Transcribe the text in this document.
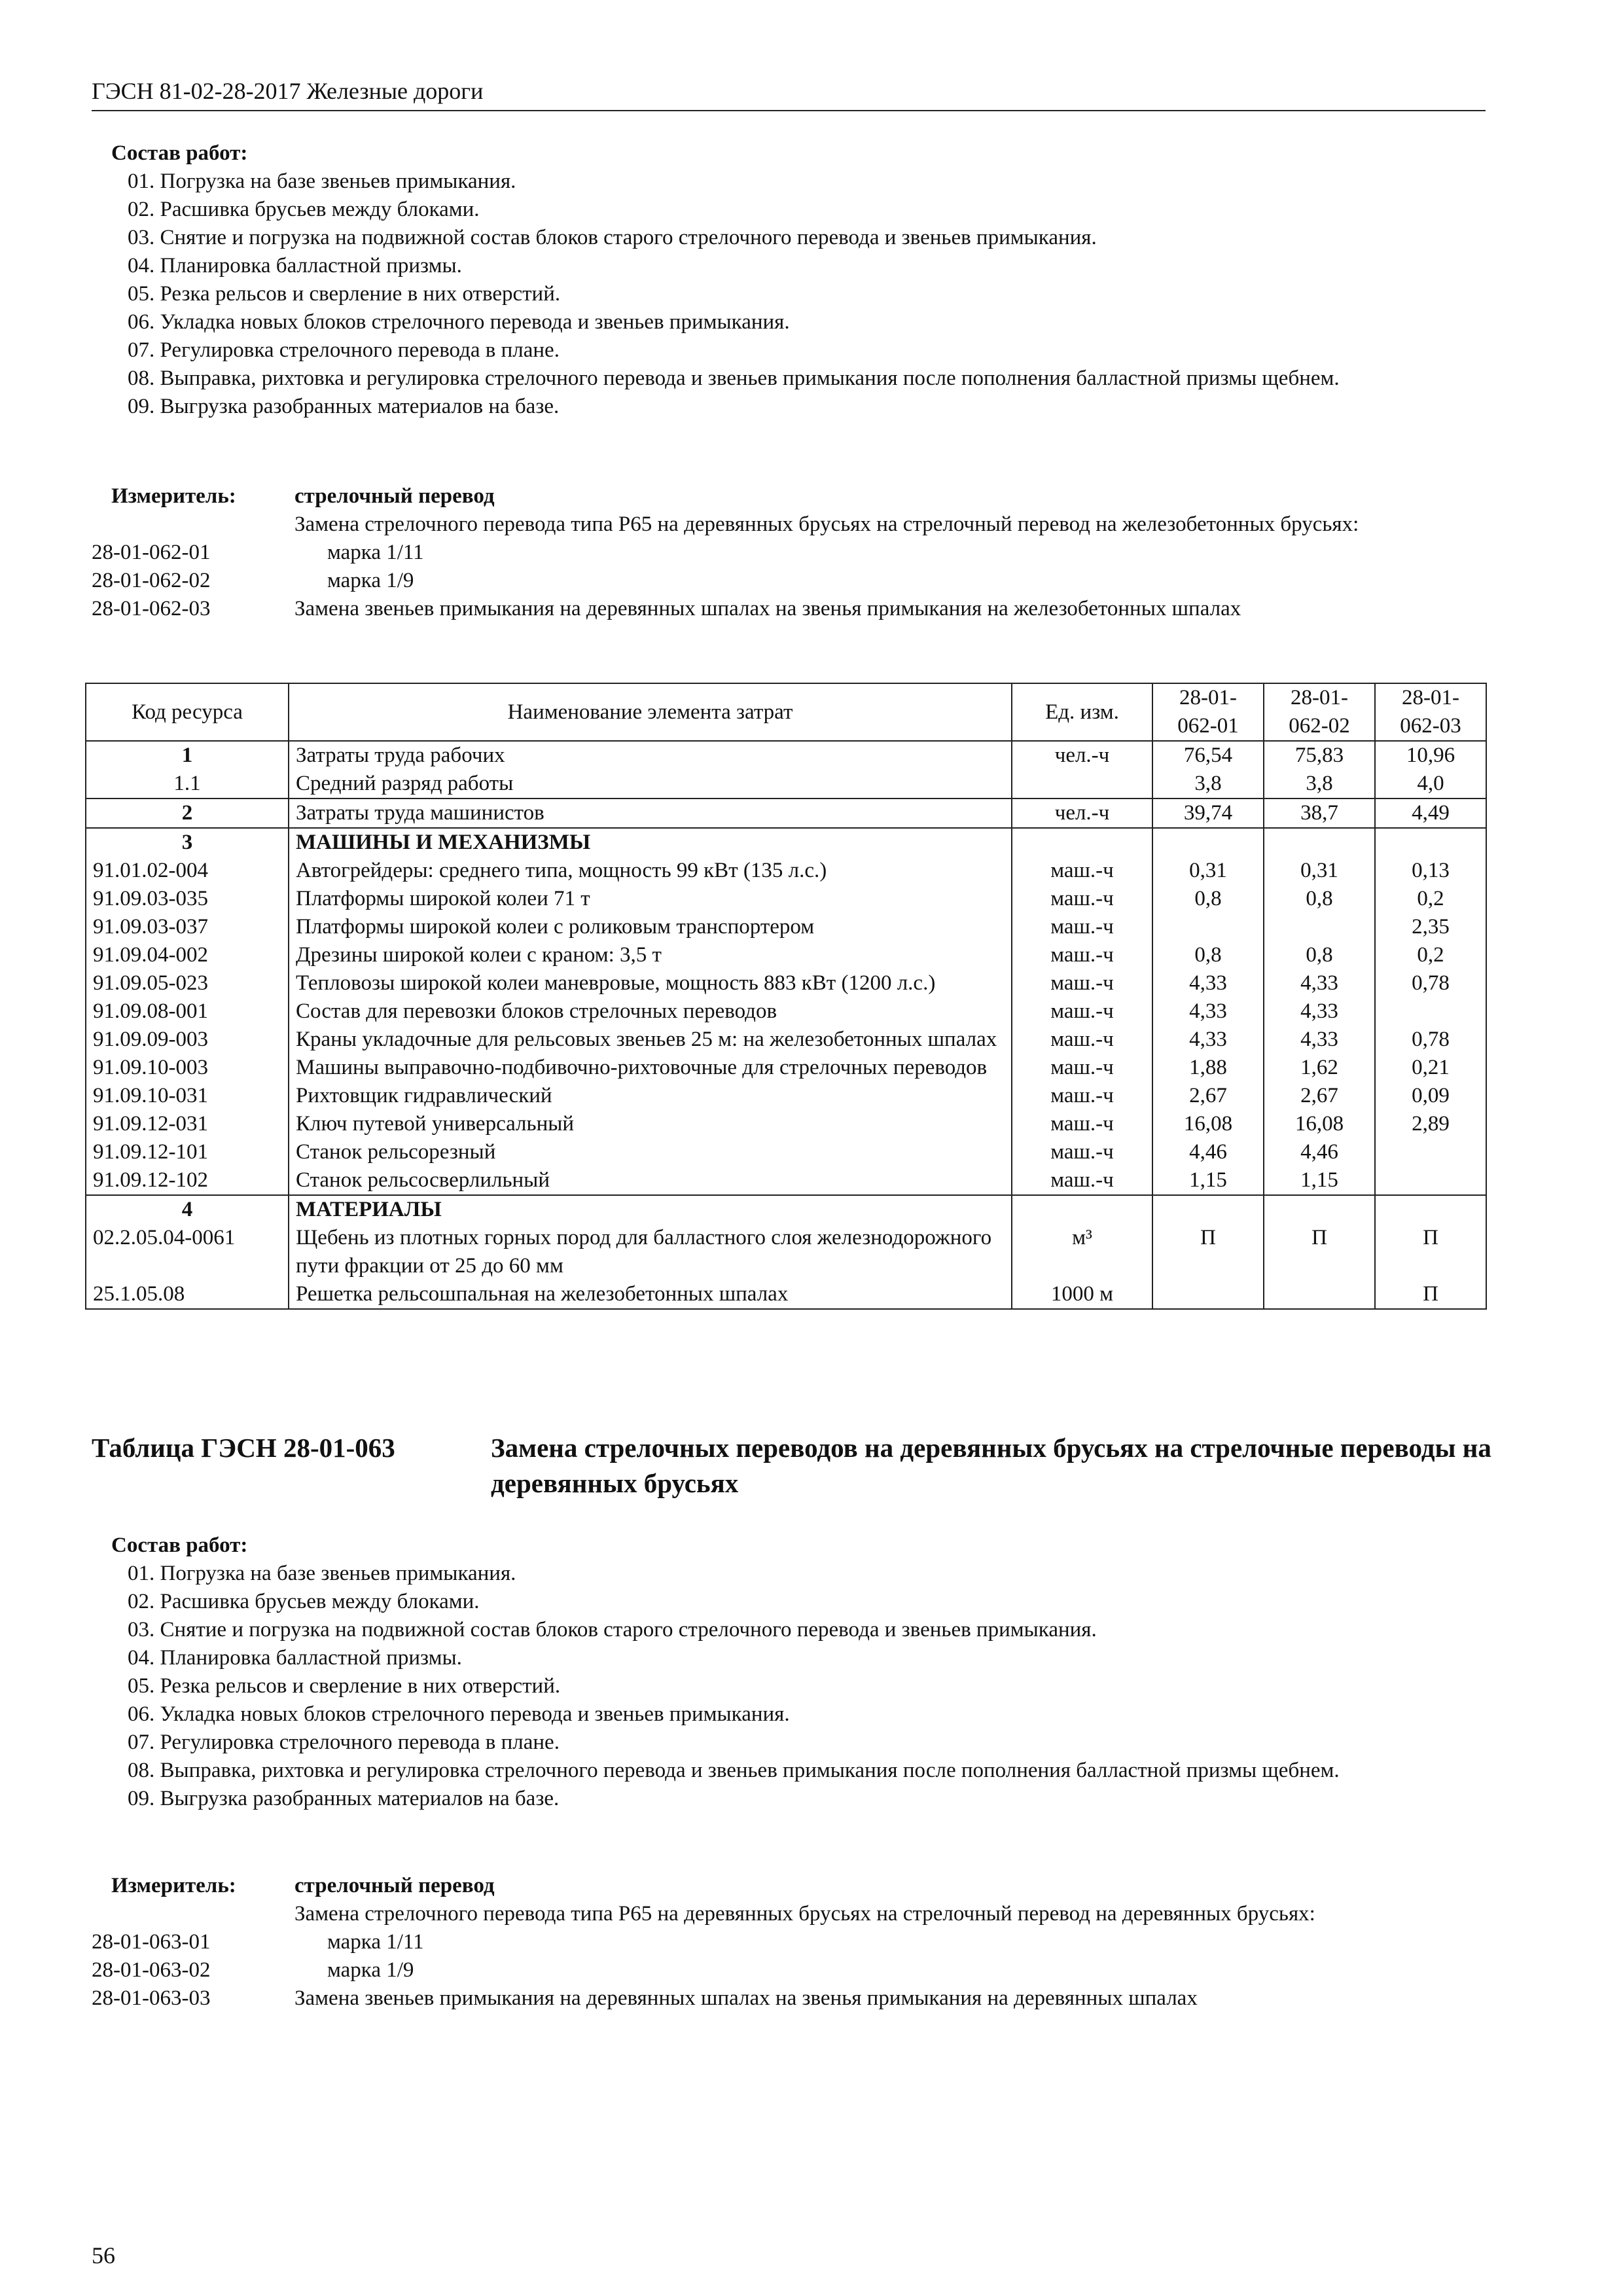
ГЭСН 81-02-28-2017 Железные дороги
Состав работ:
01. Погрузка на базе звеньев примыкания.
02. Расшивка брусьев между блоками.
03. Снятие и погрузка на подвижной состав блоков старого стрелочного перевода и звеньев примыкания.
04. Планировка балластной призмы.
05. Резка рельсов и сверление в них отверстий.
06. Укладка новых блоков стрелочного перевода и звеньев примыкания.
07. Регулировка стрелочного перевода в плане.
08. Выправка, рихтовка и регулировка стрелочного перевода и звеньев примыкания после пополнения балластной призмы щебнем.
09. Выгрузка разобранных материалов на базе.
Измеритель:	стрелочный перевод
Замена стрелочного перевода типа Р65 на деревянных брусьях на стрелочный перевод на железобетонных брусьях:
28-01-062-01	марка 1/11
28-01-062-02	марка 1/9
28-01-062-03	Замена звеньев примыкания на деревянных шпалах на звенья примыкания на железобетонных шпалах
Код ресурса	Наименование элемента затрат	Ед. изм.	28-01-062-01	28-01-062-02	28-01-062-03
1	Затраты труда рабочих	чел.-ч	76,54	75,83	10,96
1.1	Средний разряд работы		3,8	3,8	4,0
2	Затраты труда машинистов	чел.-ч	39,74	38,7	4,49
3	МАШИНЫ И МЕХАНИЗМЫ				
91.01.02-004	Автогрейдеры: среднего типа, мощность 99 кВт (135 л.с.)	маш.-ч	0,31	0,31	0,13
91.09.03-035	Платформы широкой колеи 71 т	маш.-ч	0,8	0,8	0,2
91.09.03-037	Платформы широкой колеи с роликовым транспортером	маш.-ч			2,35
91.09.04-002	Дрезины широкой колеи с краном: 3,5 т	маш.-ч	0,8	0,8	0,2
91.09.05-023	Тепловозы широкой колеи маневровые, мощность 883 кВт (1200 л.с.)	маш.-ч	4,33	4,33	0,78
91.09.08-001	Состав для перевозки блоков стрелочных переводов	маш.-ч	4,33	4,33	
91.09.09-003	Краны укладочные для рельсовых звеньев 25 м: на железобетонных шпалах	маш.-ч	4,33	4,33	0,78
91.09.10-003	Машины выправочно-подбивочно-рихтовочные для стрелочных переводов	маш.-ч	1,88	1,62	0,21
91.09.10-031	Рихтовщик гидравлический	маш.-ч	2,67	2,67	0,09
91.09.12-031	Ключ путевой универсальный	маш.-ч	16,08	16,08	2,89
91.09.12-101	Станок рельсорезный	маш.-ч	4,46	4,46	
91.09.12-102	Станок рельсосверлильный	маш.-ч	1,15	1,15	
4	МАТЕРИАЛЫ				
02.2.05.04-0061	Щебень из плотных горных пород для балластного слоя железнодорожного пути фракции от 25 до 60 мм	м³	П	П	П
25.1.05.08	Решетка рельсошпальная на железобетонных шпалах	1000 м			П
Таблица ГЭСН 28-01-063	Замена стрелочных переводов на деревянных брусьях на стрелочные переводы на деревянных брусьях
Состав работ:
01. Погрузка на базе звеньев примыкания.
02. Расшивка брусьев между блоками.
03. Снятие и погрузка на подвижной состав блоков старого стрелочного перевода и звеньев примыкания.
04. Планировка балластной призмы.
05. Резка рельсов и сверление в них отверстий.
06. Укладка новых блоков стрелочного перевода и звеньев примыкания.
07. Регулировка стрелочного перевода в плане.
08. Выправка, рихтовка и регулировка стрелочного перевода и звеньев примыкания после пополнения балластной призмы щебнем.
09. Выгрузка разобранных материалов на базе.
Измеритель:	стрелочный перевод
Замена стрелочного перевода типа Р65 на деревянных брусьях на стрелочный перевод на деревянных брусьях:
28-01-063-01	марка 1/11
28-01-063-02	марка 1/9
28-01-063-03	Замена звеньев примыкания на деревянных шпалах на звенья примыкания на деревянных шпалах
56
